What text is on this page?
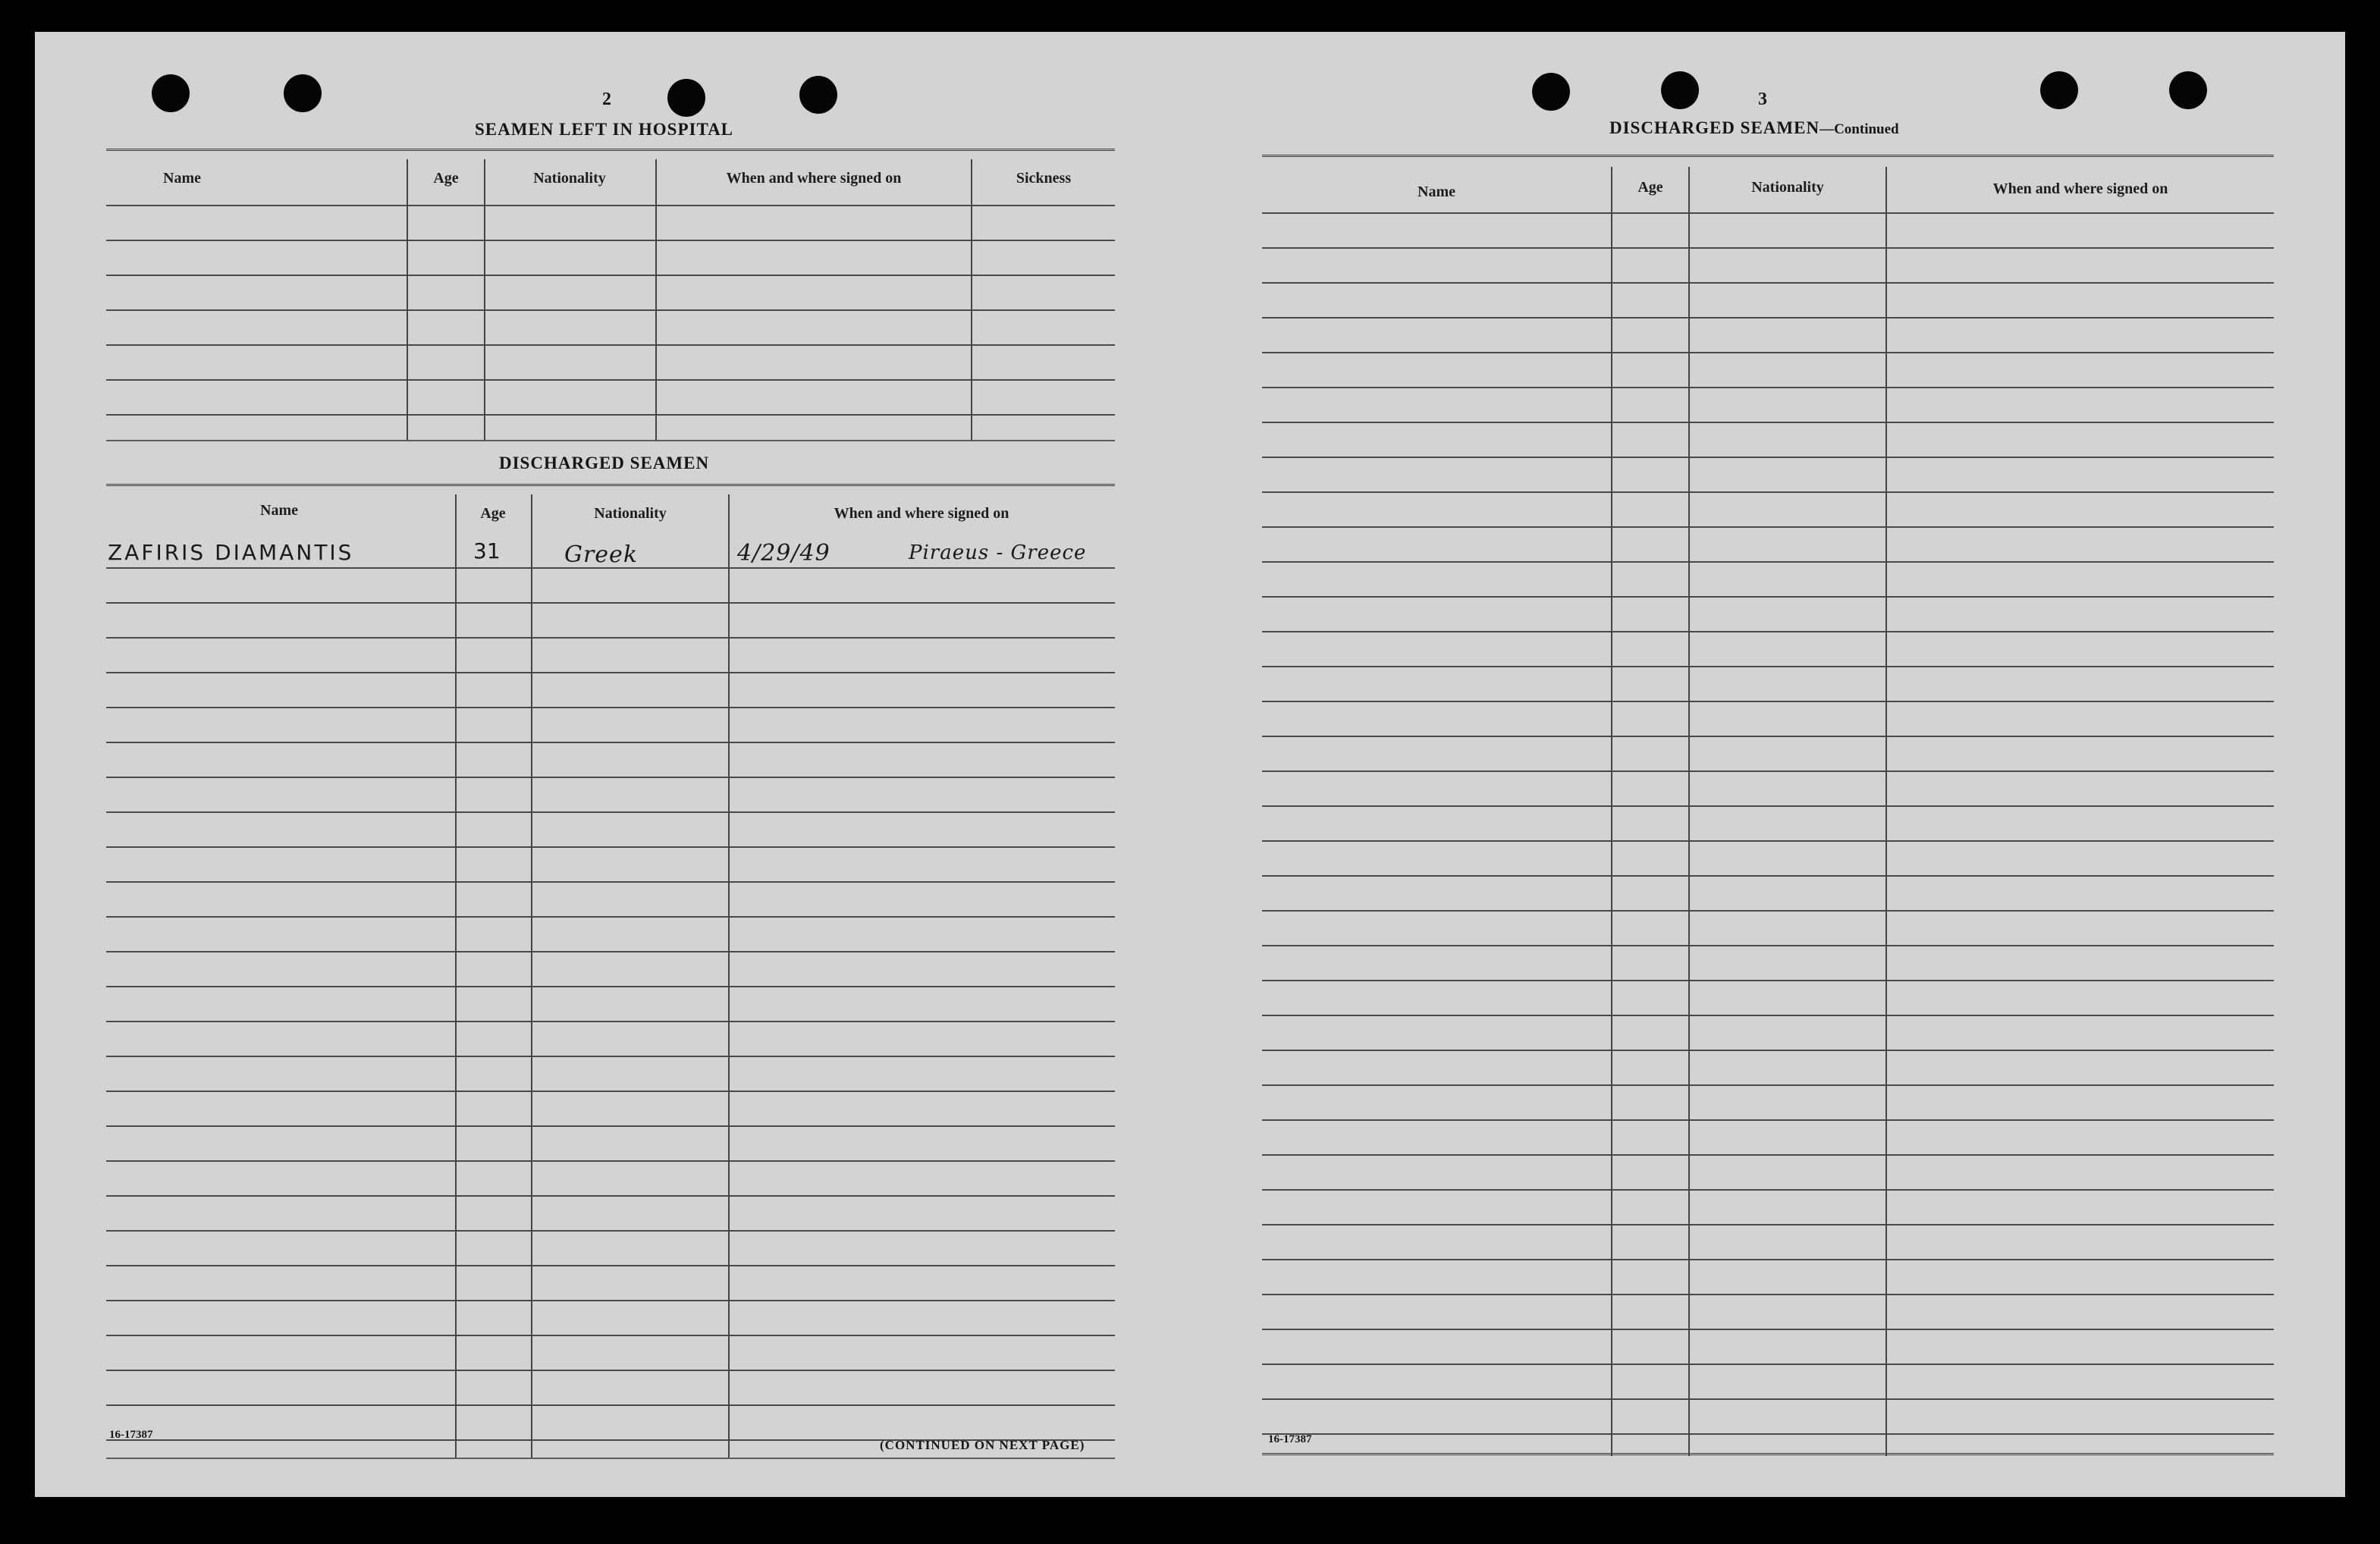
2
SEAMEN LEFT IN HOSPITAL
Name	Age	Nationality	When and where signed on	Sickness
DISCHARGED SEAMEN
Name	Age	Nationality	When and where signed on
ZAFIRIS DIAMANTIS	31	Greek	4/29/49	Piraeus - Greece
16-17387
(CONTINUED ON NEXT PAGE)
3
DISCHARGED SEAMEN—Continued
Name	Age	Nationality	When and where signed on
16-17387
